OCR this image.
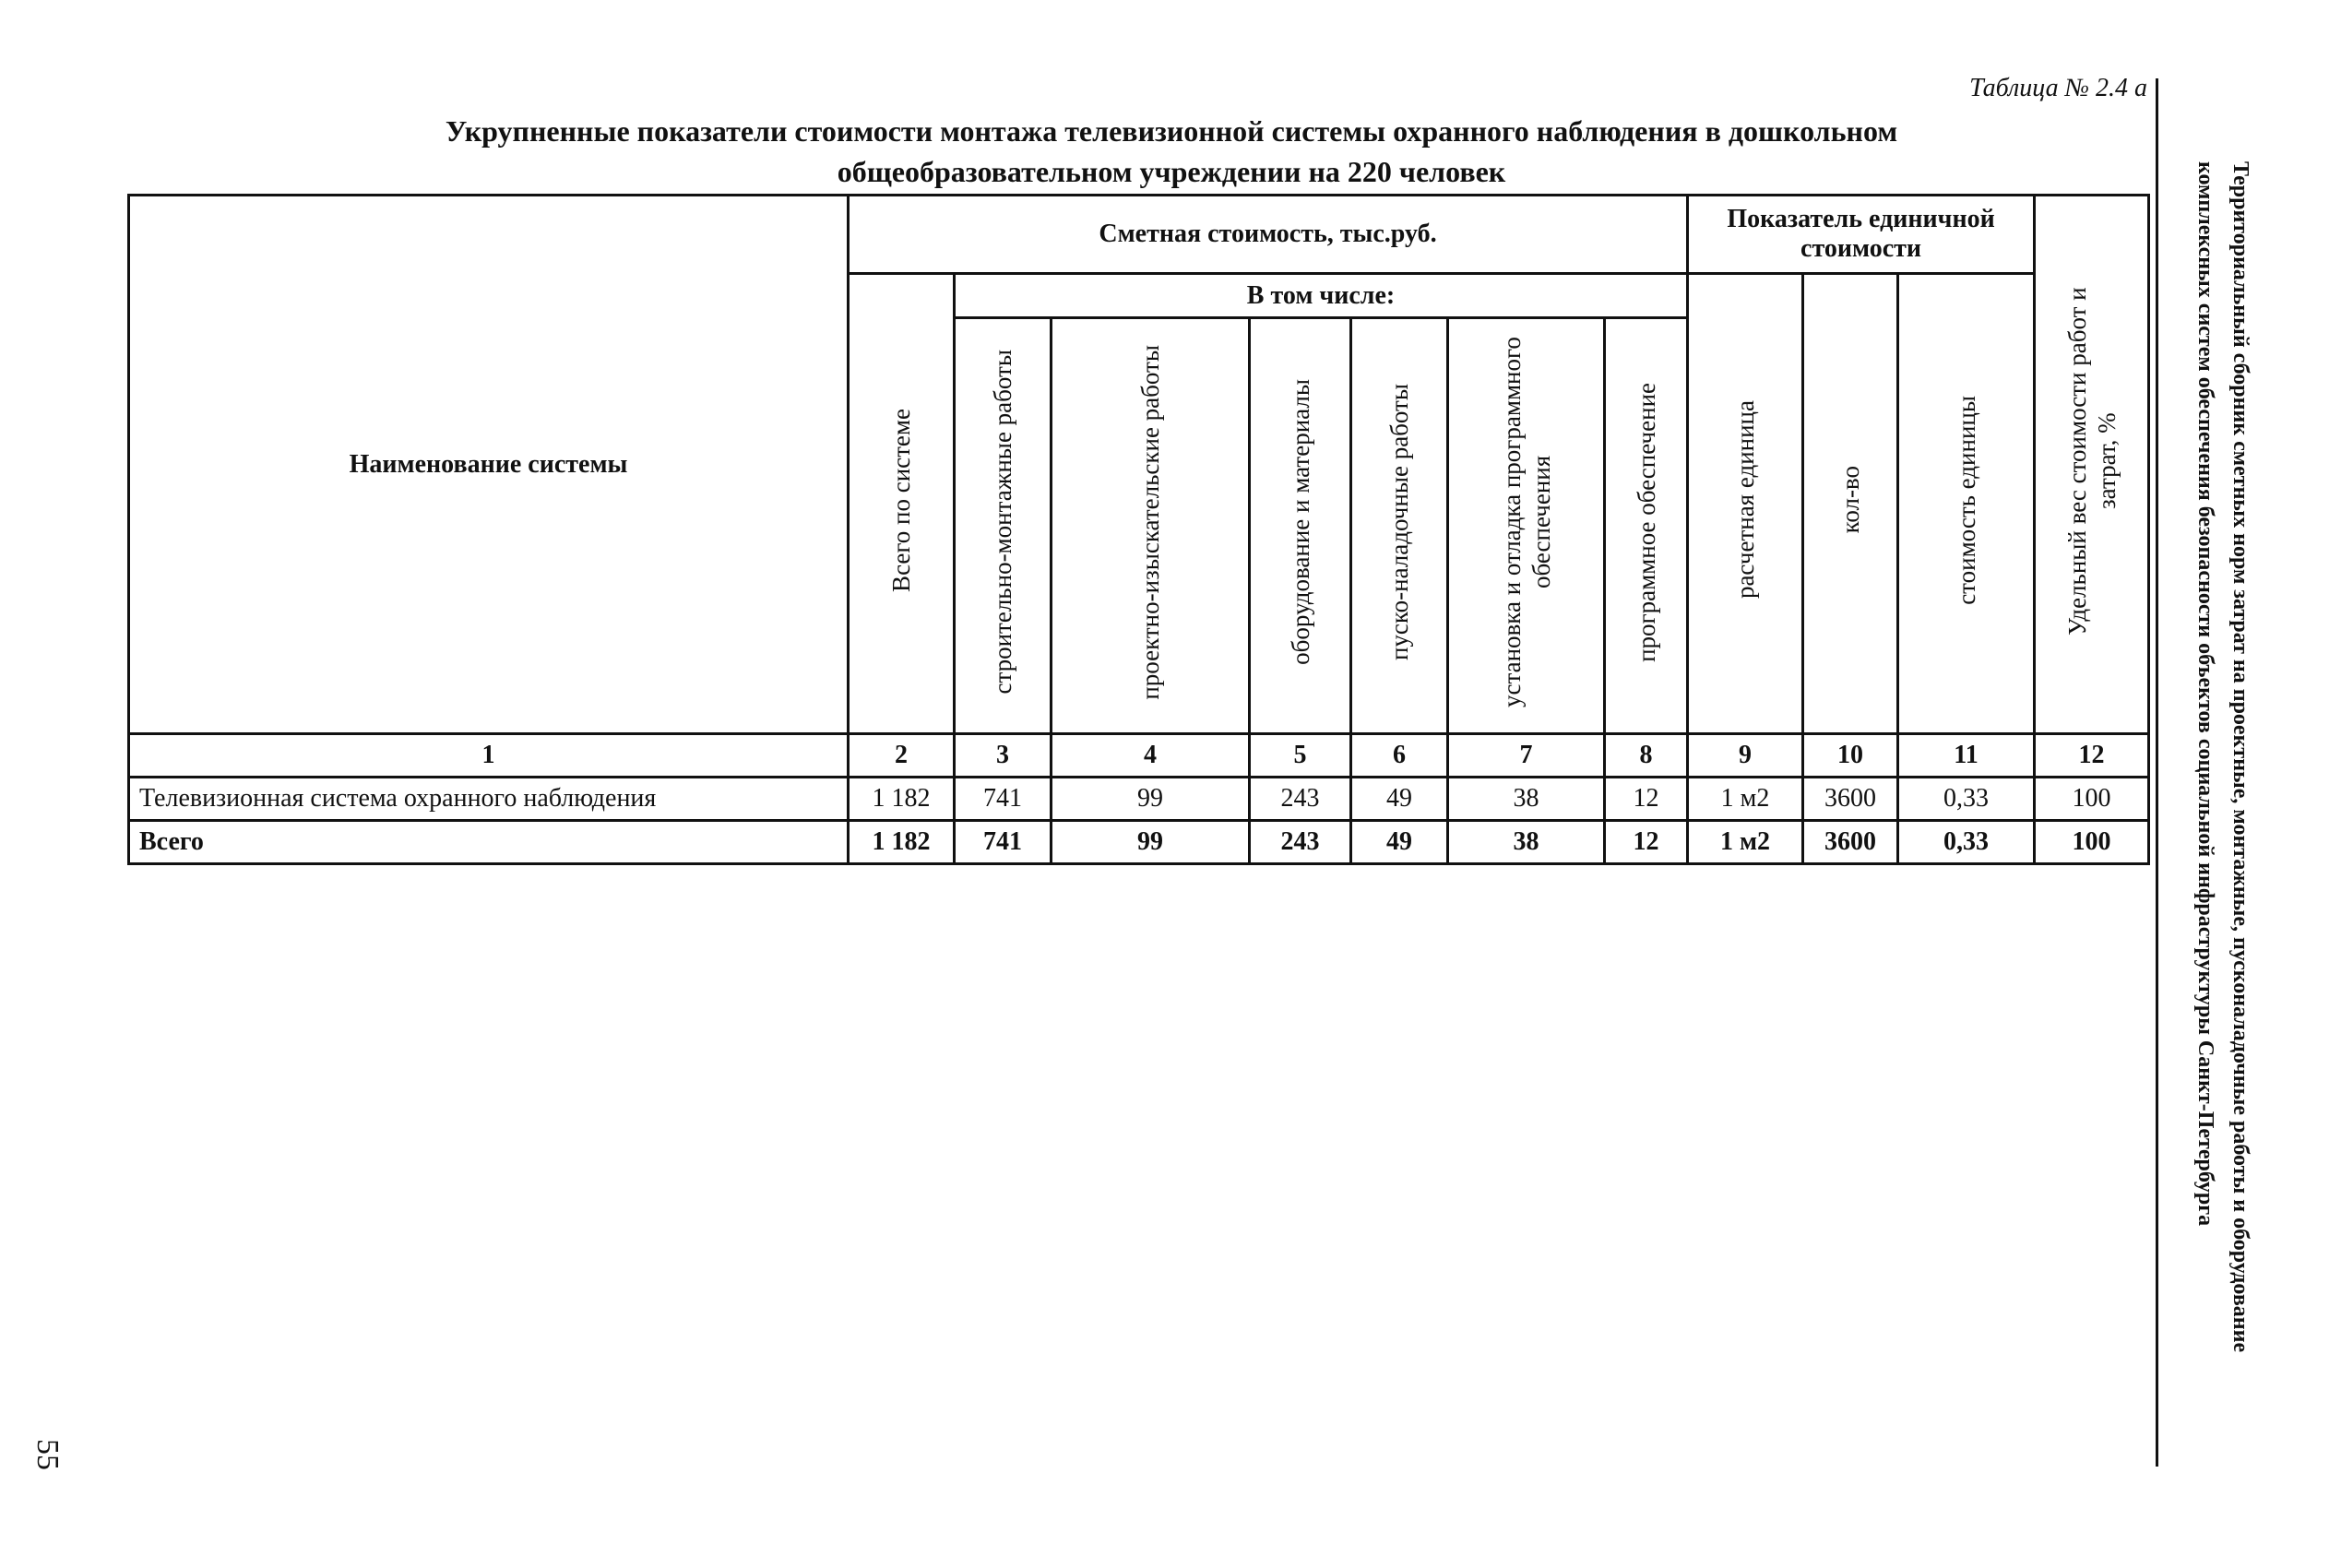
Таблица № 2.4 а
Укрупненные показатели стоимости монтажа телевизионной системы охранного наблюдения в дошкольном
общеобразовательном учреждении на 220 человек	Территориальный сборник сметных норм затрат на проектные, монтажные, пусконаладочные работы и оборудование комплексных систем обеспечения безопасности объектов социальной инфраструктуры Санкт-Петербурга
55
Наименование системы	Сметная стоимость, тыс.руб.							Показатель единичной стоимости			Удельный вес стоимости работ и затрат, %
	Всего по системе	В том числе:						расчетная единица	кол-во	стоимость единицы	
		строительно-монтажные работы	проектно-изыскательские работы	оборудование и материалы	пуско-наладочные работы	установка и отладка программного обеспечения	программное обеспечение				
1	2	3	4	5	6	7	8	9	10	11	12
Телевизионная система охранного наблюдения	1 182	741	99	243	49	38	12	1 м2	3600	0,33	100
Всего	1 182	741	99	243	49	38	12	1 м2	3600	0,33	100
